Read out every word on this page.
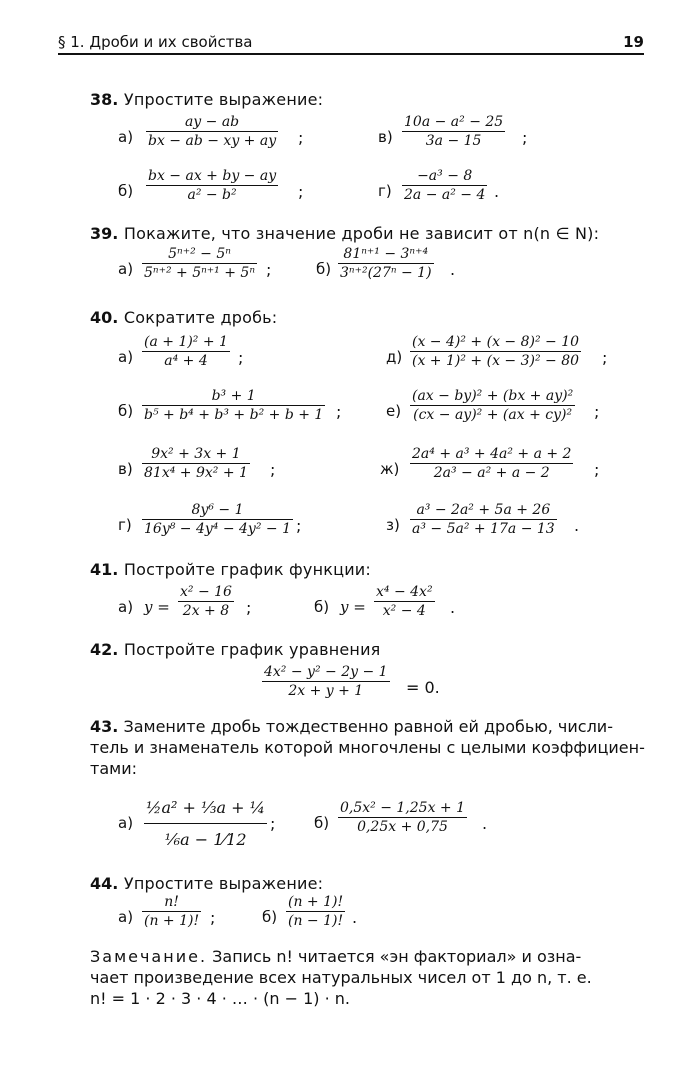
§ 1. Дроби и их свойства	19
38. Упростите выражение:
$а) \frac{ay - ab}{bx - ab - xy + ay}$ ;	$в) \frac{\text{10a − a² − 25}}{3a - 15}$ ;
$б) \frac{bx - ax + by - ay}{\text{a² − b²}}$ ;	$г) \frac{\text{−a³ − 8}}{\text{2a − a² − 4}}$ .
39. Покажите, что значение дроби не зависит от n(n ∈ N):
$а) \frac{\text{5ⁿ⁺² − 5ⁿ}}{\text{5ⁿ⁺² + 5ⁿ⁺¹ + 5ⁿ}}$ ;	$б) \frac{\text{81ⁿ⁺¹ − 3ⁿ⁺⁴}}{\text{3ⁿ⁺²(27ⁿ − 1)}}$ .
40. Сократите дробь:
$а) \frac{\text{(a + 1)² + 1}}{\text{a⁴ + 4}}$ ;	$д) \frac{\text{(x − 4)² + (x − 8)² − 10}}{\text{(x + 1)² + (x − 3)² − 80}}$ ;
$б) \frac{\text{b³ + 1}}{\text{b⁵ + b⁴ + b³ + b² + b + 1}}$ ;	$е) \frac{\text{(ax − by)² + (bx + ay)²}}{\text{(cx − ay)² + (ax + cy)²}}$ ;
$в) \frac{\text{9x² + 3x + 1}}{\text{81x⁴ + 9x² + 1}}$ ;	$ж) \frac{\text{2a⁴ + a³ + 4a² + a + 2}}{\text{2a³ − a² + a − 2}}$ ;
$г) \frac{\text{8y⁶ − 1}}{\text{16y⁸ − 4y⁴ − 4y² − 1}}$ ;	$з) \frac{\text{a³ − 2a² + 5a + 26}}{\text{a³ − 5a² + 17a − 13}}$ .
41. Постройте график функции:
а) $y = \frac{\text{x² − 16}}{2x + 8}$ ;	б) $y = \frac{\text{x⁴ − 4x²}}{\text{x² − 4}}$ .
42. Постройте график уравнения
$\frac{\text{4x² − y² − 2y − 1}}{2x + y + 1} = 0$.
43. Замените дробь тождественно равной ей дробью, числи-
тель и знаменатель которой многочлены с целыми коэффициен-
тами:
$а) \frac{\text{½a² + ⅓a + ¼}}{\text{⅙a − 1⁄12}}$ ;	$б) \frac{\text{0,5x² − 1,25x + 1}}{0,25x + 0,75}$ .
44. Упростите выражение:
$а) \frac{n!}{(n + 1)!}$ ;	$б) \frac{(n + 1)!}{(n - 1)!}$ .
Замечание. Запись n! читается «эн факториал» и озна-
чает произведение всех натуральных чисел от 1 до n, т. е.
n! = 1 · 2 · 3 · 4 · … · (n − 1) · n.
